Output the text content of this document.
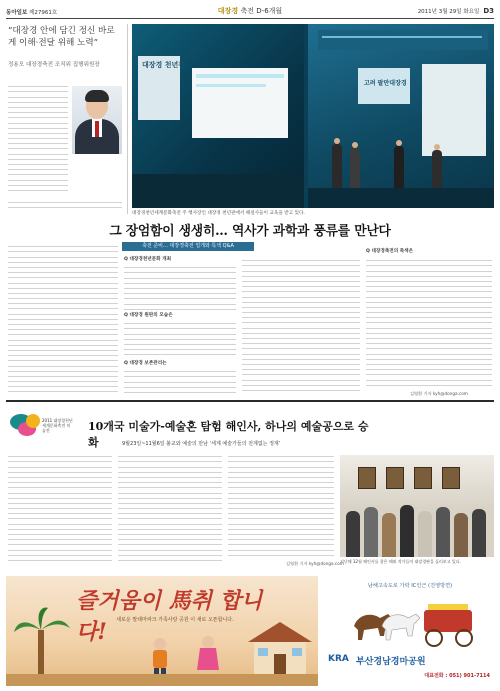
동아일보 제27961호	대장경 축전 D-6개월	2011년 3월 29일 화요일 D3
“대장경 안에 담긴 정신 바로게 이해·전달 위해 노력”
정용모 대장경축전 조직위 집행위원장	대장경 천년관
고려 팔만대장경
대장경천년세계문화축전 주 행사장인 대장경 천년관에서 해설사들이 교육을 받고 있다.
그 장엄함이 생생히… 역사가 과학과 풍류를 만난다
축전 준비… 대장경축전 얼개와 특색 Q&A
Q 대장경천년문화 개최
Q 대장경 원판의 모습은
Q 대장경 보존관리는
Q 대장경축전의 특색은
김영환 기자 kyh@donga.com
2011 대장경천년 세계문화축전 미술전	10개국 미술가-예술혼 탐험 해인사, 하나의 예술공으로 승화	9월23일~11월6일 불교와 예술의 만남 ‘세계 예술가들의 전계없는 정재’
김영환 기자 kyh@donga.com
지난해 12월 해인사를 찾은 해외 작가들이 대장경판을 둘러보고 있다.
즐거움이 馬취 합니다!	새로운 말테마파크 가족사랑 공원 이 새로 오픈합니다.
남해고속도로 가락 IC인근 (진영방면)
KRA 부산경남경마공원
대표전화 : 051) 901-7114
